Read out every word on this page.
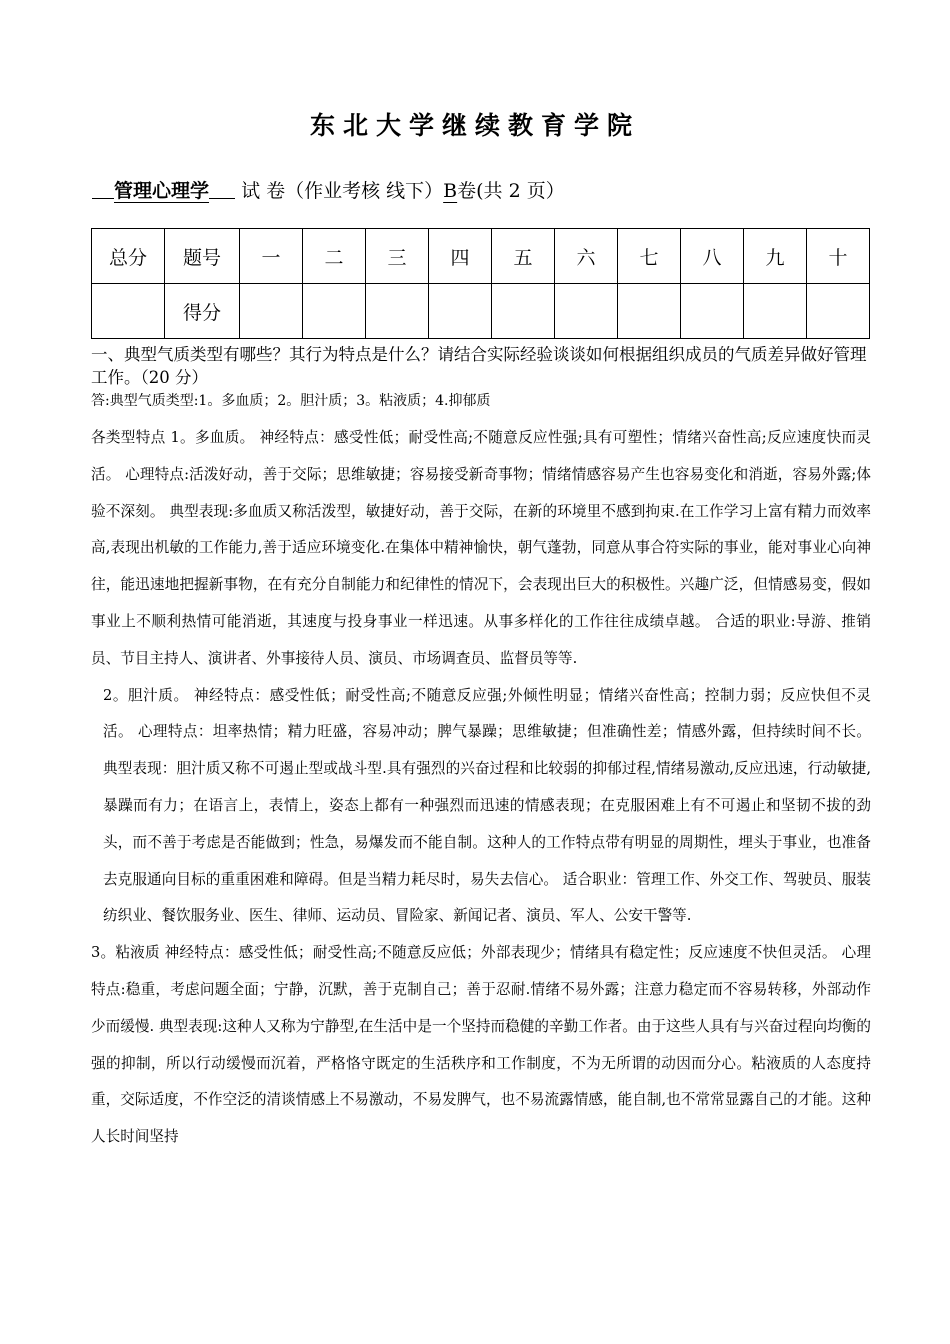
东北大学继续教育学院
管理心理学 试 卷（作业考核 线下）B卷(共 2 页）
总分	题号	一	二	三	四	五	六	七	八	九	十
	得分										
一、典型气质类型有哪些？其行为特点是什么？请结合实际经验谈谈如何根据组织成员的气质差异做好管理工作。（20 分）
答:典型气质类型:1。多血质；2。胆汁质；3。粘液质；4.抑郁质

各类型特点 1。多血质。 神经特点：感受性低；耐受性高;不随意反应性强;具有可塑性；情绪兴奋性高;反应速度快而灵活。 心理特点:活泼好动，善于交际；思维敏捷；容易接受新奇事物；情绪情感容易产生也容易变化和消逝，容易外露;体验不深刻。 典型表现:多血质又称活泼型，敏捷好动，善于交际，在新的环境里不感到拘束.在工作学习上富有精力而效率高,表现出机敏的工作能力,善于适应环境变化.在集体中精神愉快，朝气蓬勃，同意从事合符实际的事业，能对事业心向神往，能迅速地把握新事物，在有充分自制能力和纪律性的情况下，会表现出巨大的积极性。兴趣广泛，但情感易变，假如事业上不顺利热情可能消逝，其速度与投身事业一样迅速。从事多样化的工作往往成绩卓越。 合适的职业:导游、推销员、节目主持人、演讲者、外事接待人员、演员、市场调查员、监督员等等.

2。胆汁质。 神经特点：感受性低；耐受性高;不随意反应强;外倾性明显；情绪兴奋性高；控制力弱；反应快但不灵活。 心理特点：坦率热情；精力旺盛，容易冲动；脾气暴躁；思维敏捷；但准确性差；情感外露，但持续时间不长。 典型表现：胆汁质又称不可遏止型或战斗型.具有强烈的兴奋过程和比较弱的抑郁过程,情绪易激动,反应迅速，行动敏捷,暴躁而有力；在语言上，表情上，姿态上都有一种强烈而迅速的情感表现；在克服困难上有不可遏止和坚韧不拔的劲头，而不善于考虑是否能做到；性急，易爆发而不能自制。这种人的工作特点带有明显的周期性，埋头于事业，也准备去克服通向目标的重重困难和障碍。但是当精力耗尽时，易失去信心。 适合职业：管理工作、外交工作、驾驶员、服装纺织业、餐饮服务业、医生、律师、运动员、冒险家、新闻记者、演员、军人、公安干警等.

3。粘液质 神经特点：感受性低；耐受性高;不随意反应低；外部表现少；情绪具有稳定性；反应速度不快但灵活。 心理特点:稳重，考虑问题全面；宁静，沉默，善于克制自己；善于忍耐.情绪不易外露；注意力稳定而不容易转移，外部动作少而缓慢. 典型表现:这种人又称为宁静型,在生活中是一个坚持而稳健的辛勤工作者。由于这些人具有与兴奋过程向均衡的强的抑制，所以行动缓慢而沉着，严格恪守既定的生活秩序和工作制度，不为无所谓的动因而分心。粘液质的人态度持重，交际适度，不作空泛的清谈情感上不易激动，不易发脾气，也不易流露情感，能自制,也不常常显露自己的才能。这种人长时间坚持
